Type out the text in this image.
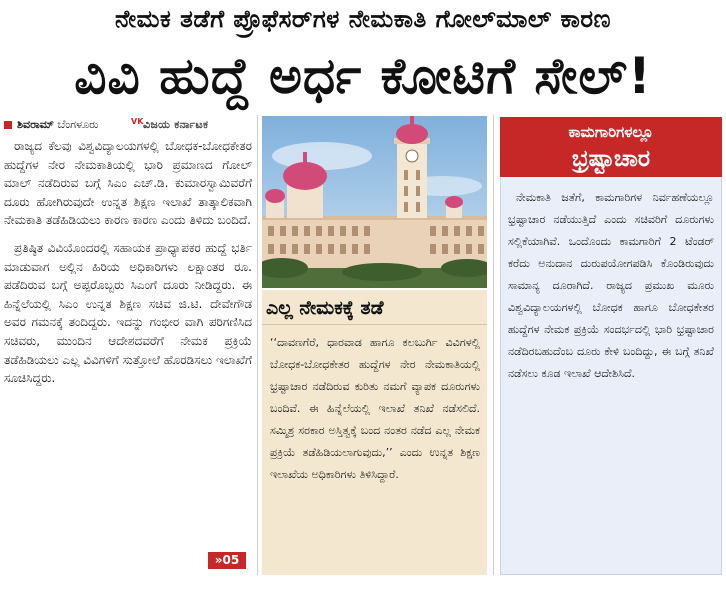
ನೇಮಕ ತಡೆಗೆ ಪ್ರೊಫೆಸರ್‌ಗಳ ನೇಮಕಾತಿ ಗೋಲ್‌ಮಾಲ್ ಕಾರಣ
ವಿವಿ ಹುದ್ದೆ ಅರ್ಧ ಕೋಟಿಗೆ ಸೇಲ್!
ಶಿವರಾಮ್ ಬೆಂಗಳೂರು	VK ವಿಜಯ ಕರ್ನಾಟಕ

ರಾಜ್ಯದ ಕೆಲವು ವಿಶ್ವವಿದ್ಯಾಲಯಗಳಲ್ಲಿ ಬೋಧಕ-ಬೋಧಕೇತರ ಹುದ್ದೆಗಳ ನೇರ ನೇಮಕಾತಿಯಲ್ಲಿ ಭಾರಿ ಪ್ರಮಾಣದ ಗೋಲ್ ಮಾಲ್ ನಡೆದಿರುವ ಬಗ್ಗೆ ಸಿಎಂ ಎಚ್.ಡಿ. ಕುಮಾರಸ್ವಾಮಿವರೆಗೆ ದೂರು ಹೋಗಿರುವುದೇ ಉನ್ನತ ಶಿಕ್ಷಣ ಇಲಾಖೆ ತಾತ್ಕಾಲಿಕವಾಗಿ ನೇಮಕಾತಿ ತಡೆಹಿಡಿಯಲು ಕಾರಣ ಕಾರಣ ಎಂದು ತಿಳಿದು ಬಂದಿದೆ.

ಪ್ರತಿಷ್ಠಿತ ವಿವಿಯೊಂದರಲ್ಲಿ ಸಹಾಯಕ ಪ್ರಾಧ್ಯಾಪಕರ ಹುದ್ದೆ ಭರ್ತಿ ಮಾಡುವಾಗ ಅಲ್ಲಿನ ಹಿರಿಯ ಅಧಿಕಾರಿಗಳು ಲಕ್ಷಾಂತರ ರೂ. ಪಡೆದಿರುವ ಬಗ್ಗೆ ಅಪ್ಪರೊಬ್ಬರು ಸಿಎಂಗೆ ದೂರು ನೀಡಿದ್ದರು. ಈ ಹಿನ್ನೆಲೆಯಲ್ಲಿ ಸಿಎಂ ಉನ್ನತ ಶಿಕ್ಷಣ ಸಚಿವ ಜಿ.ಟಿ. ದೇವೇಗೌಡ ಅವರ ಗಮನಕ್ಕೆ ತಂದಿದ್ದರು. ಇದನ್ನು ಗಂಭೀರ ವಾಗಿ ಪರಿಗಣಿಸಿದ ಸಚಿವರು, ಮುಂದಿನ ಆದೇಶದವರೆಗೆ ನೇಮಕ ಪ್ರಕ್ರಿಯೆ ತಡೆಹಿಡಿಯಲು ಎಲ್ಲ ವಿವಿಗಳಿಗೆ ಸುತ್ತೋಲೆ ಹೊರಡಿಸಲು ಇಲಾಖೆಗೆ ಸೂಚಿಸಿದ್ದರು.

»05
ಎಲ್ಲ ನೇಮಕಕ್ಕೆ ತಡೆ
‘‘ದಾವಣಗೆರೆ, ಧಾರವಾಡ ಹಾಗೂ ಕಲಬುರ್ಗಿ ವಿವಿಗಳಲ್ಲಿ ಬೋಧಕ-ಬೋಧಕೇತರ ಹುದ್ದೆಗಳ ನೇರ ನೇಮಕಾತಿಯಲ್ಲಿ ಭ್ರಷ್ಟಾಚಾರ ನಡೆದಿರುವ ಕುರಿತು ನಮಗೆ ವ್ಯಾಪಕ ದೂರುಗಳು ಬಂದಿವೆ. ಈ ಹಿನ್ನೆಲೆಯಲ್ಲಿ ಇಲಾಖೆ ತನಿಖೆ ನಡೆಸಲಿದೆ. ಸಮ್ಮಿಶ್ರ ಸರಕಾರ ಅಸ್ತಿತ್ವಕ್ಕೆ ಬಂದ ನಂತರ ನಡೆದ ಎಲ್ಲ ನೇಮಕ ಪ್ರಕ್ರಿಯೆ ತಡೆಹಿಡಿಯಲಾಗುವುದು,’’ ಎಂದು ಉನ್ನತ ಶಿಕ್ಷಣ ಇಲಾಖೆಯ ಅಧಿಕಾರಿಗಳು ತಿಳಿಸಿದ್ದಾರೆ.
ಕಾಮಗಾರಿಗಳಲ್ಲೂ
ಭ್ರಷ್ಟಾಚಾರ

ನೇಮಕಾತಿ ಜತೆಗೆ, ಕಾಮಗಾರಿಗಳ ನಿರ್ವಹಣೆಯಲ್ಲೂ ಭ್ರಷ್ಟಾಚಾರ ನಡೆಯುತ್ತಿದೆ ಎಂದು ಸಚಿವರಿಗೆ ದೂರುಗಳು ಸಲ್ಲಿಕೆಯಾಗಿವೆ. ಒಂದೊಂದು ಕಾಮಗಾರಿಗೆ 2 ಟೆಂಡರ್ ಕರೆದು ಅನುದಾನ ದುರುಪಯೋಗಪಡಿಸಿ ಕೊಂಡಿರುವುದು ಸಾಮಾನ್ಯ ದೂರಾಗಿದೆ. ರಾಜ್ಯದ ಪ್ರಮುಖ ಮೂರು ವಿಶ್ವವಿದ್ಯಾಲಯಗಳಲ್ಲಿ ಬೋಧಕ ಹಾಗೂ ಬೋಧಕೇತರ ಹುದ್ದೆಗಳ ನೇಮಕ ಪ್ರಕ್ರಿಯೆ ಸಂದರ್ಭದಲ್ಲಿ ಭಾರಿ ಭ್ರಷ್ಟಾಚಾರ ನಡೆದಿರಬಹುದೆಂಬ ದೂರು ಕೇಳಿ ಬಂದಿದ್ದು, ಈ ಬಗ್ಗೆ ತನಿಖೆ ನಡೆಸಲು ಕೂಡ ಇಲಾಖೆ ಆದೇಶಿಸಿದೆ.
